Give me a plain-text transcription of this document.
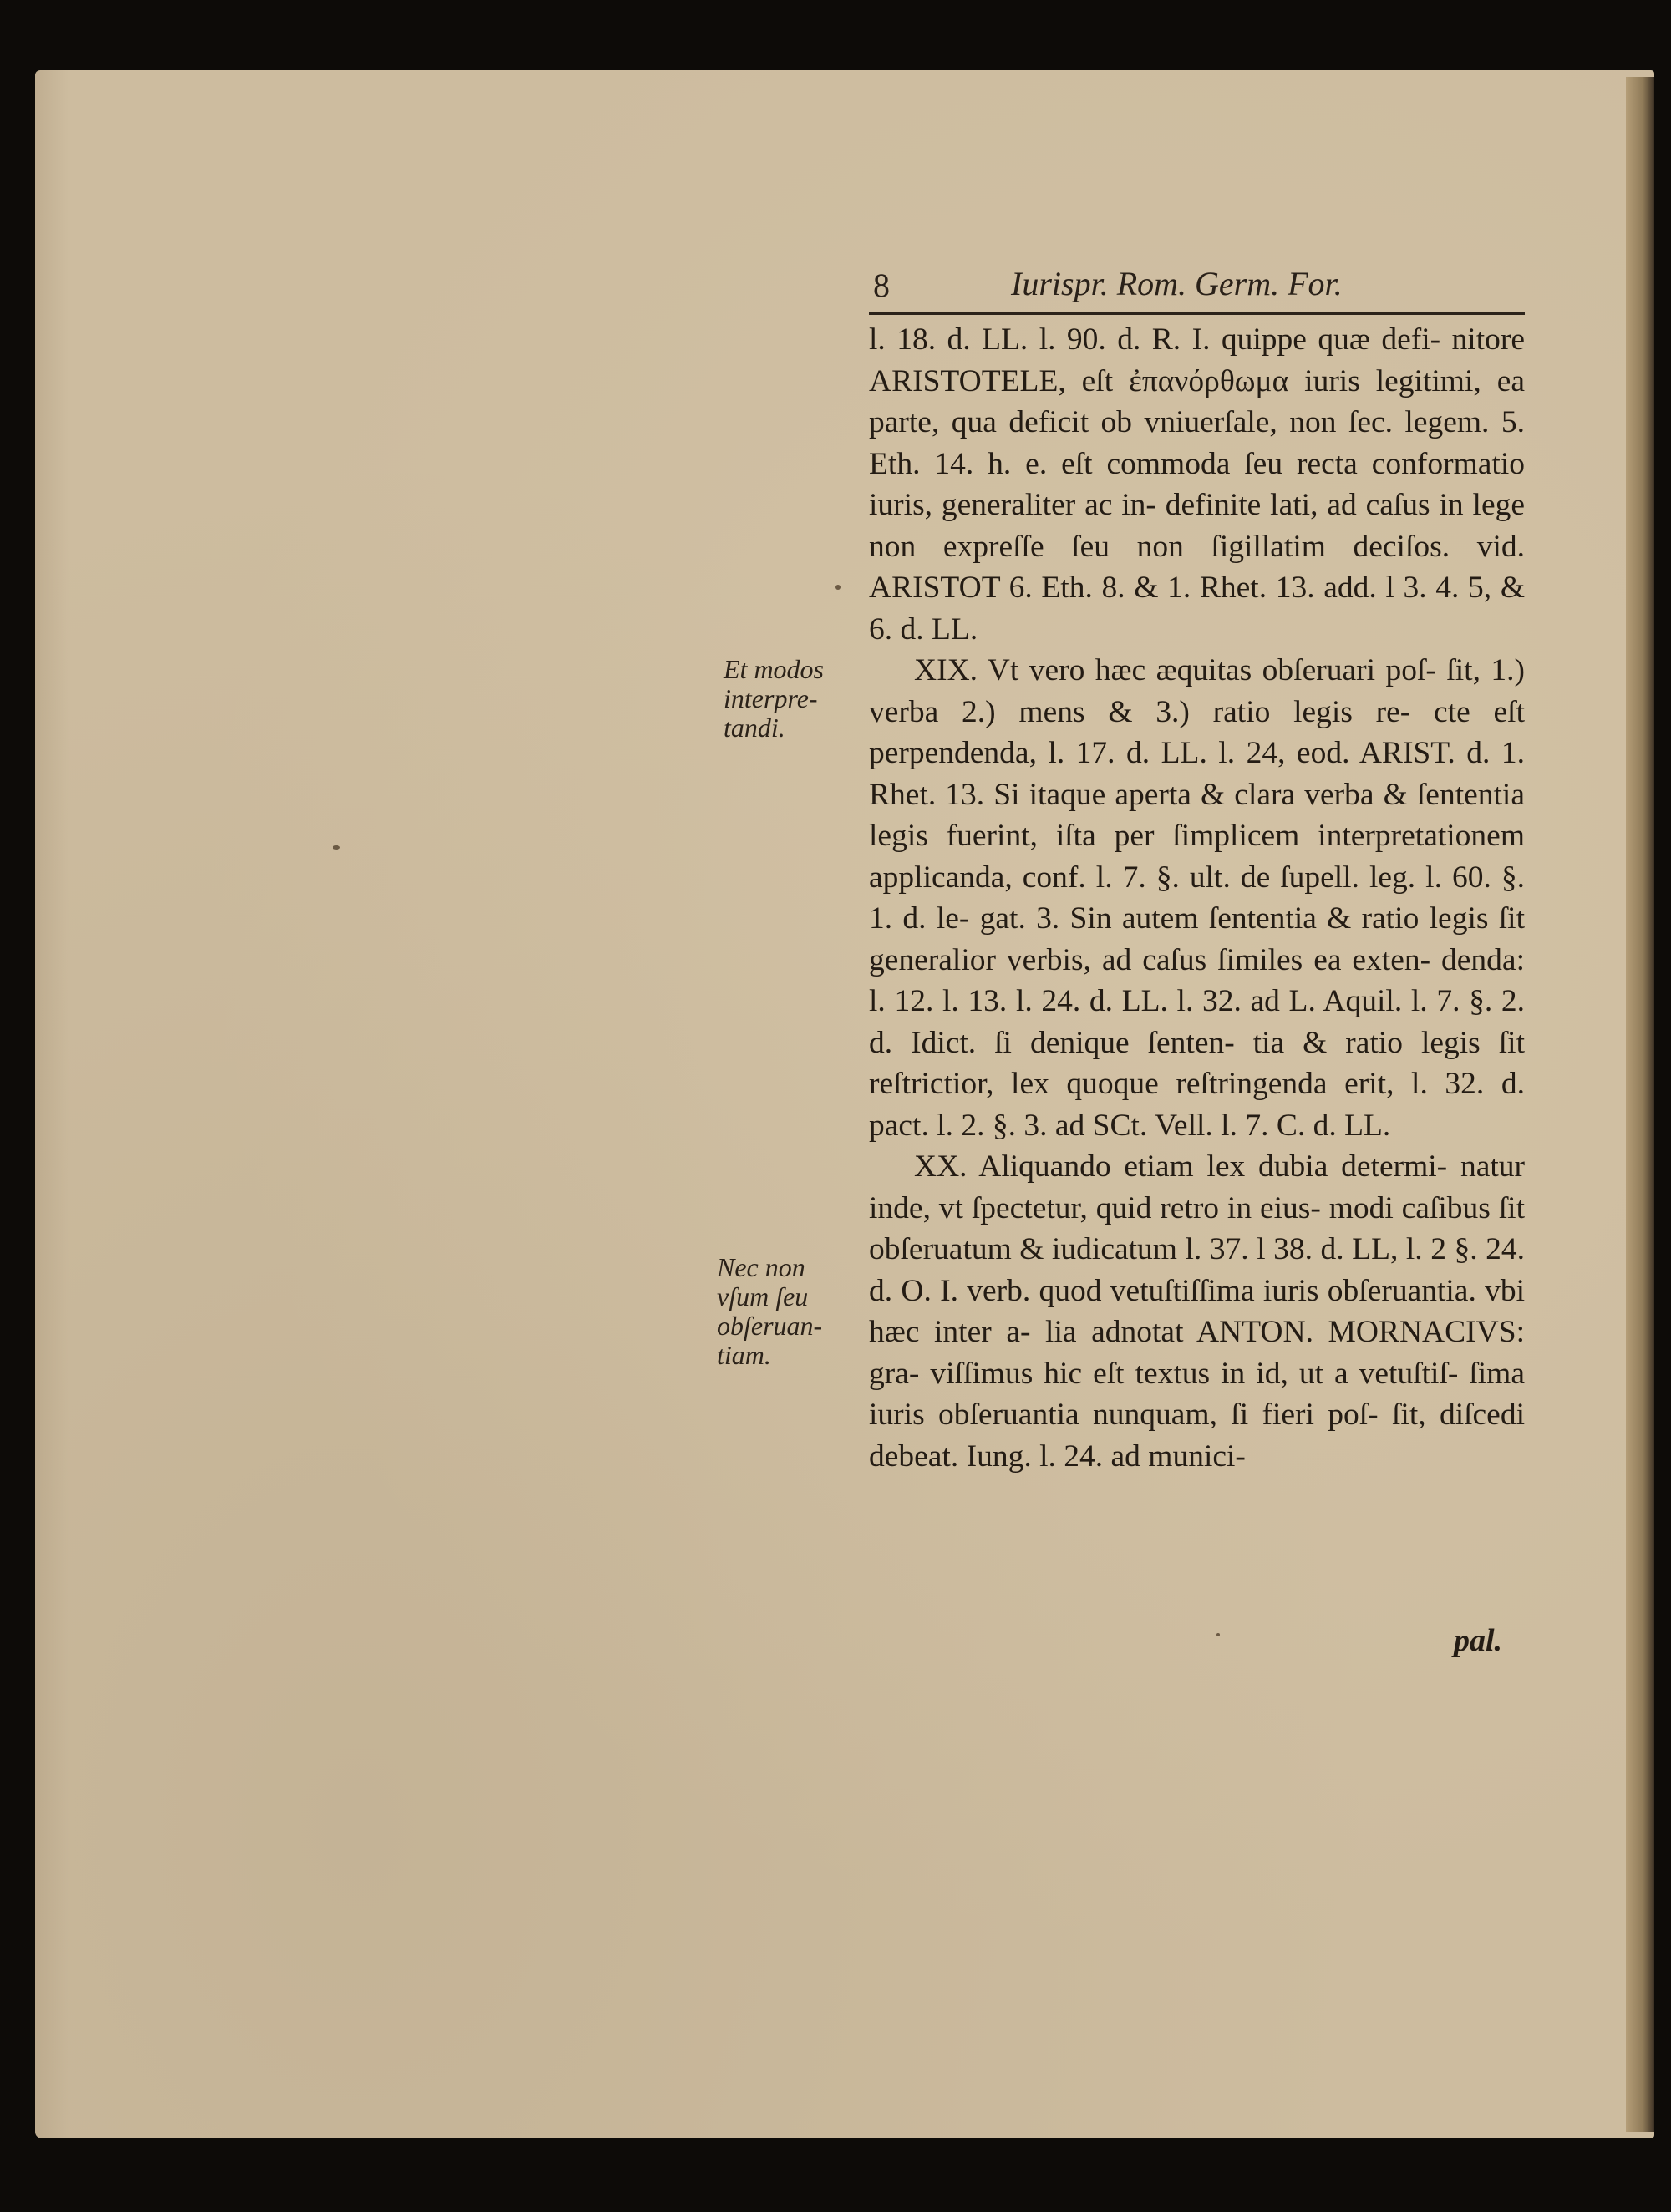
8	Iurispr. Rom. Germ. For.
Et modos interpre- tandi.
Nec non vſum ſeu obſeruan- tiam.

l. 18. d. LL. l. 90. d. R. I. quippe quæ defi- nitore ARISTOTELE, eſt ἐπανόρθωμα iuris legitimi, ea parte, qua deficit ob vniuerſale, non ſec. legem. 5. Eth. 14. h. e. eſt commoda ſeu recta conformatio iuris, generaliter ac in- definite lati, ad caſus in lege non expreſſe ſeu non ſigillatim deciſos. vid. ARISTOT 6. Eth. 8. & 1. Rhet. 13. add. l 3. 4. 5, & 6. d. LL.

XIX. Vt vero hæc æquitas obſeruari poſ- ſit, 1.) verba 2.) mens & 3.) ratio legis re- cte eſt perpendenda, l. 17. d. LL. l. 24, eod. ARIST. d. 1. Rhet. 13. Si itaque aperta & clara verba & ſententia legis fuerint, iſta per ſimplicem interpretationem applicanda, conf. l. 7. §. ult. de ſupell. leg. l. 60. §. 1. d. le- gat. 3. Sin autem ſententia & ratio legis ſit generalior verbis, ad caſus ſimiles ea exten- denda: l. 12. l. 13. l. 24. d. LL. l. 32. ad L. Aquil. l. 7. §. 2. d. Idict. ſi denique ſenten- tia & ratio legis ſit reſtrictior, lex quoque reſtringenda erit, l. 32. d. pact. l. 2. §. 3. ad SCt. Vell. l. 7. C. d. LL.

XX. Aliquando etiam lex dubia determi- natur inde, vt ſpectetur, quid retro in eius- modi caſibus ſit obſeruatum & iudicatum l. 37. l 38. d. LL, l. 2 §. 24. d. O. I. verb. quod vetuſtiſſima iuris obſeruantia. vbi hæc inter a- lia adnotat ANTON. MORNACIVS: gra- viſſimus hic eſt textus in id, ut a vetuſtiſ- ſima iuris obſeruantia nunquam, ſi fieri poſ- ſit, diſcedi debeat. Iung. l. 24. ad munici-

pal.
